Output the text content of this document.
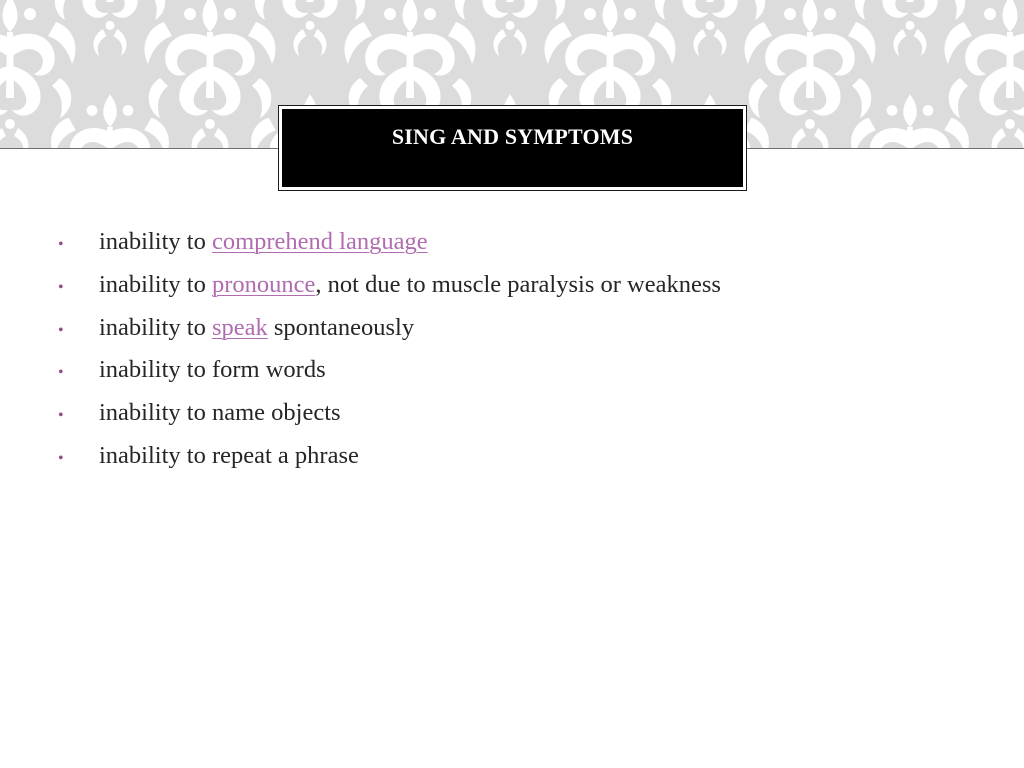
SING AND SYMPTOMS
•	inability to comprehend language
•	inability to pronounce, not due to muscle paralysis or weakness
•	inability to speak spontaneously
•	inability to form words
•	inability to name objects
•	inability to repeat a phrase
